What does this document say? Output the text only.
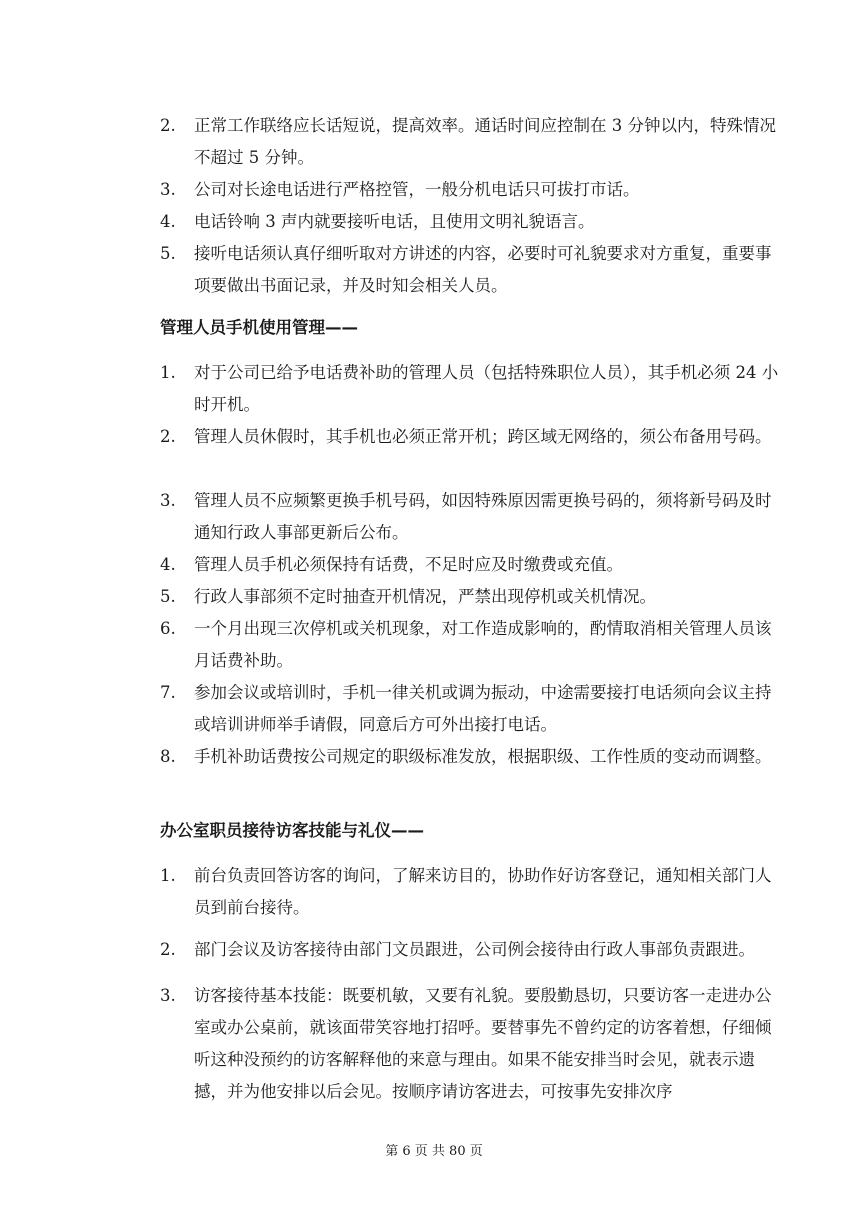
2.	正常工作联络应长话短说，提高效率。通话时间应控制在 3 分钟以内，特殊情况不超过 5 分钟。
3.	公司对长途电话进行严格控管，一般分机电话只可拔打市话。
4.	电话铃响 3 声内就要接听电话，且使用文明礼貌语言。
5.	接听电话须认真仔细听取对方讲述的内容，必要时可礼貌要求对方重复，重要事项要做出书面记录，并及时知会相关人员。
管理人员手机使用管理——
1.	对于公司已给予电话费补助的管理人员（包括特殊职位人员），其手机必须 24 小时开机。
2.	管理人员休假时，其手机也必须正常开机；跨区域无网络的，须公布备用号码。
3.	管理人员不应频繁更换手机号码，如因特殊原因需更换号码的，须将新号码及时通知行政人事部更新后公布。
4.	管理人员手机必须保持有话费，不足时应及时缴费或充值。
5.	行政人事部须不定时抽查开机情况，严禁出现停机或关机情况。
6.	一个月出现三次停机或关机现象，对工作造成影响的，酌情取消相关管理人员该月话费补助。
7.	参加会议或培训时，手机一律关机或调为振动，中途需要接打电话须向会议主持或培训讲师举手请假，同意后方可外出接打电话。
8.	手机补助话费按公司规定的职级标准发放，根据职级、工作性质的变动而调整。
办公室职员接待访客技能与礼仪——
1.	前台负责回答访客的询问，了解来访目的，协助作好访客登记，通知相关部门人员到前台接待。
2.	部门会议及访客接待由部门文员跟进，公司例会接待由行政人事部负责跟进。
3.	访客接待基本技能：既要机敏，又要有礼貌。要殷勤恳切，只要访客一走进办公室或办公桌前，就该面带笑容地打招呼。要替事先不曾约定的访客着想，仔细倾听这种没预约的访客解释他的来意与理由。如果不能安排当时会见，就表示遗撼，并为他安排以后会见。按顺序请访客进去，可按事先安排次序
第 6 页 共 80 页
